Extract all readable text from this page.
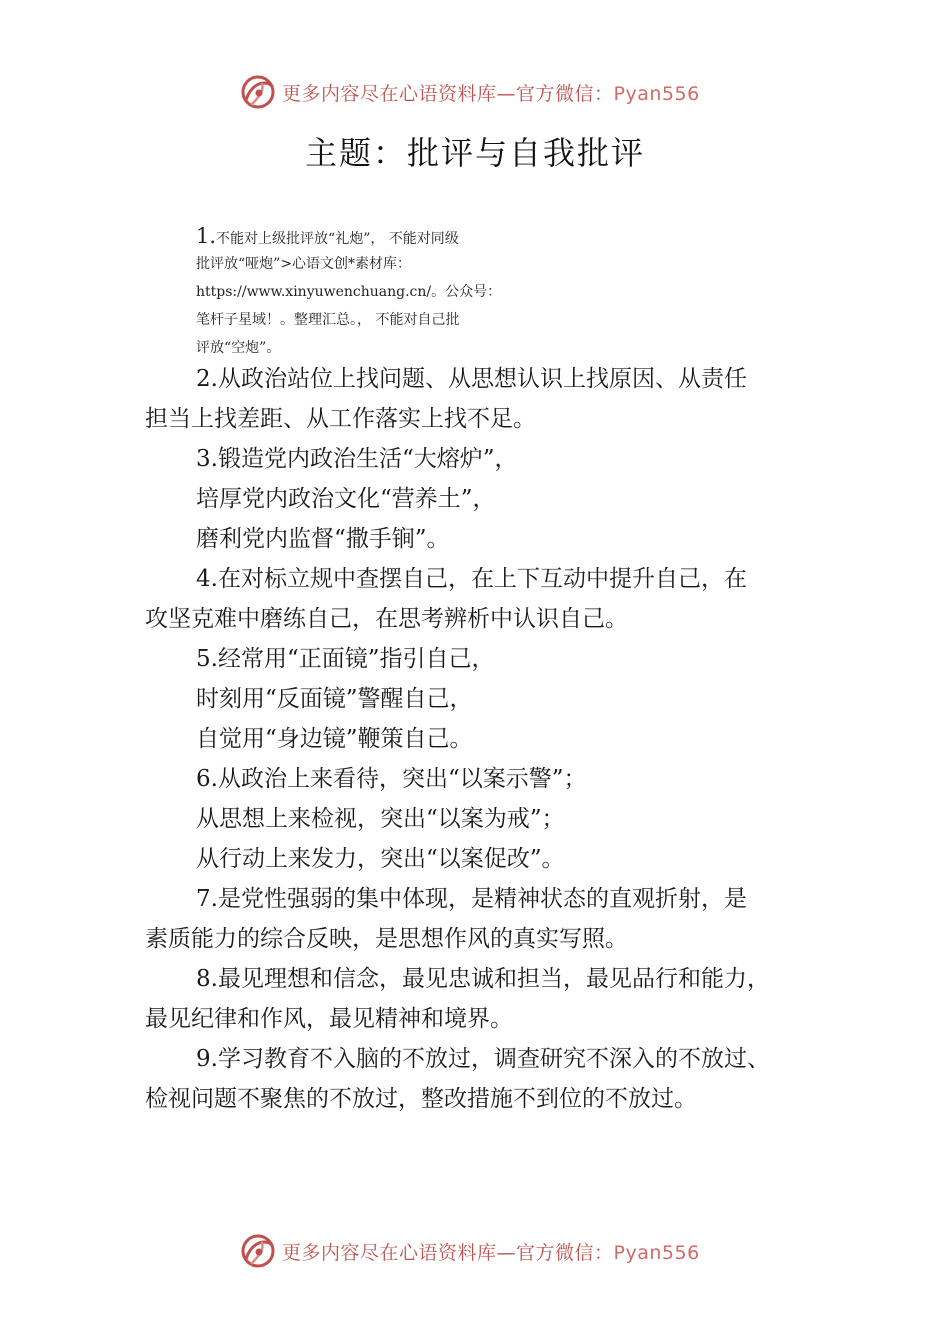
更多内容尽在心语资料库—官方微信：Pyan556
主题：批评与自我批评

1.不能对上级批评放“礼炮”， 不能对同级

批评放“哑炮”>心语文创*素材库：

https://www.xinyuwenchuang.cn/。公众号：

笔杆子星域！。整理汇总。， 不能对自己批

评放“空炮”。

2.从政治站位上找问题、从思想认识上找原因、从责任

担当上找差距、从工作落实上找不足。

3.锻造党内政治生活“大熔炉”，

培厚党内政治文化“营养土”，

磨利党内监督“撒手锏”。

4.在对标立规中查摆自己，在上下互动中提升自己，在

攻坚克难中磨练自己，在思考辨析中认识自己。

5.经常用“正面镜”指引自己，

时刻用“反面镜”警醒自己，

自觉用“身边镜”鞭策自己。

6.从政治上来看待，突出“以案示警”；

从思想上来检视，突出“以案为戒”；

从行动上来发力，突出“以案促改”。

7.是党性强弱的集中体现，是精神状态的直观折射，是

素质能力的综合反映，是思想作风的真实写照。

8.最见理想和信念，最见忠诚和担当，最见品行和能力，

最见纪律和作风，最见精神和境界。

9.学习教育不入脑的不放过，调查研究不深入的不放过、

检视问题不聚焦的不放过，整改措施不到位的不放过。

更多内容尽在心语资料库—官方微信：Pyan556
